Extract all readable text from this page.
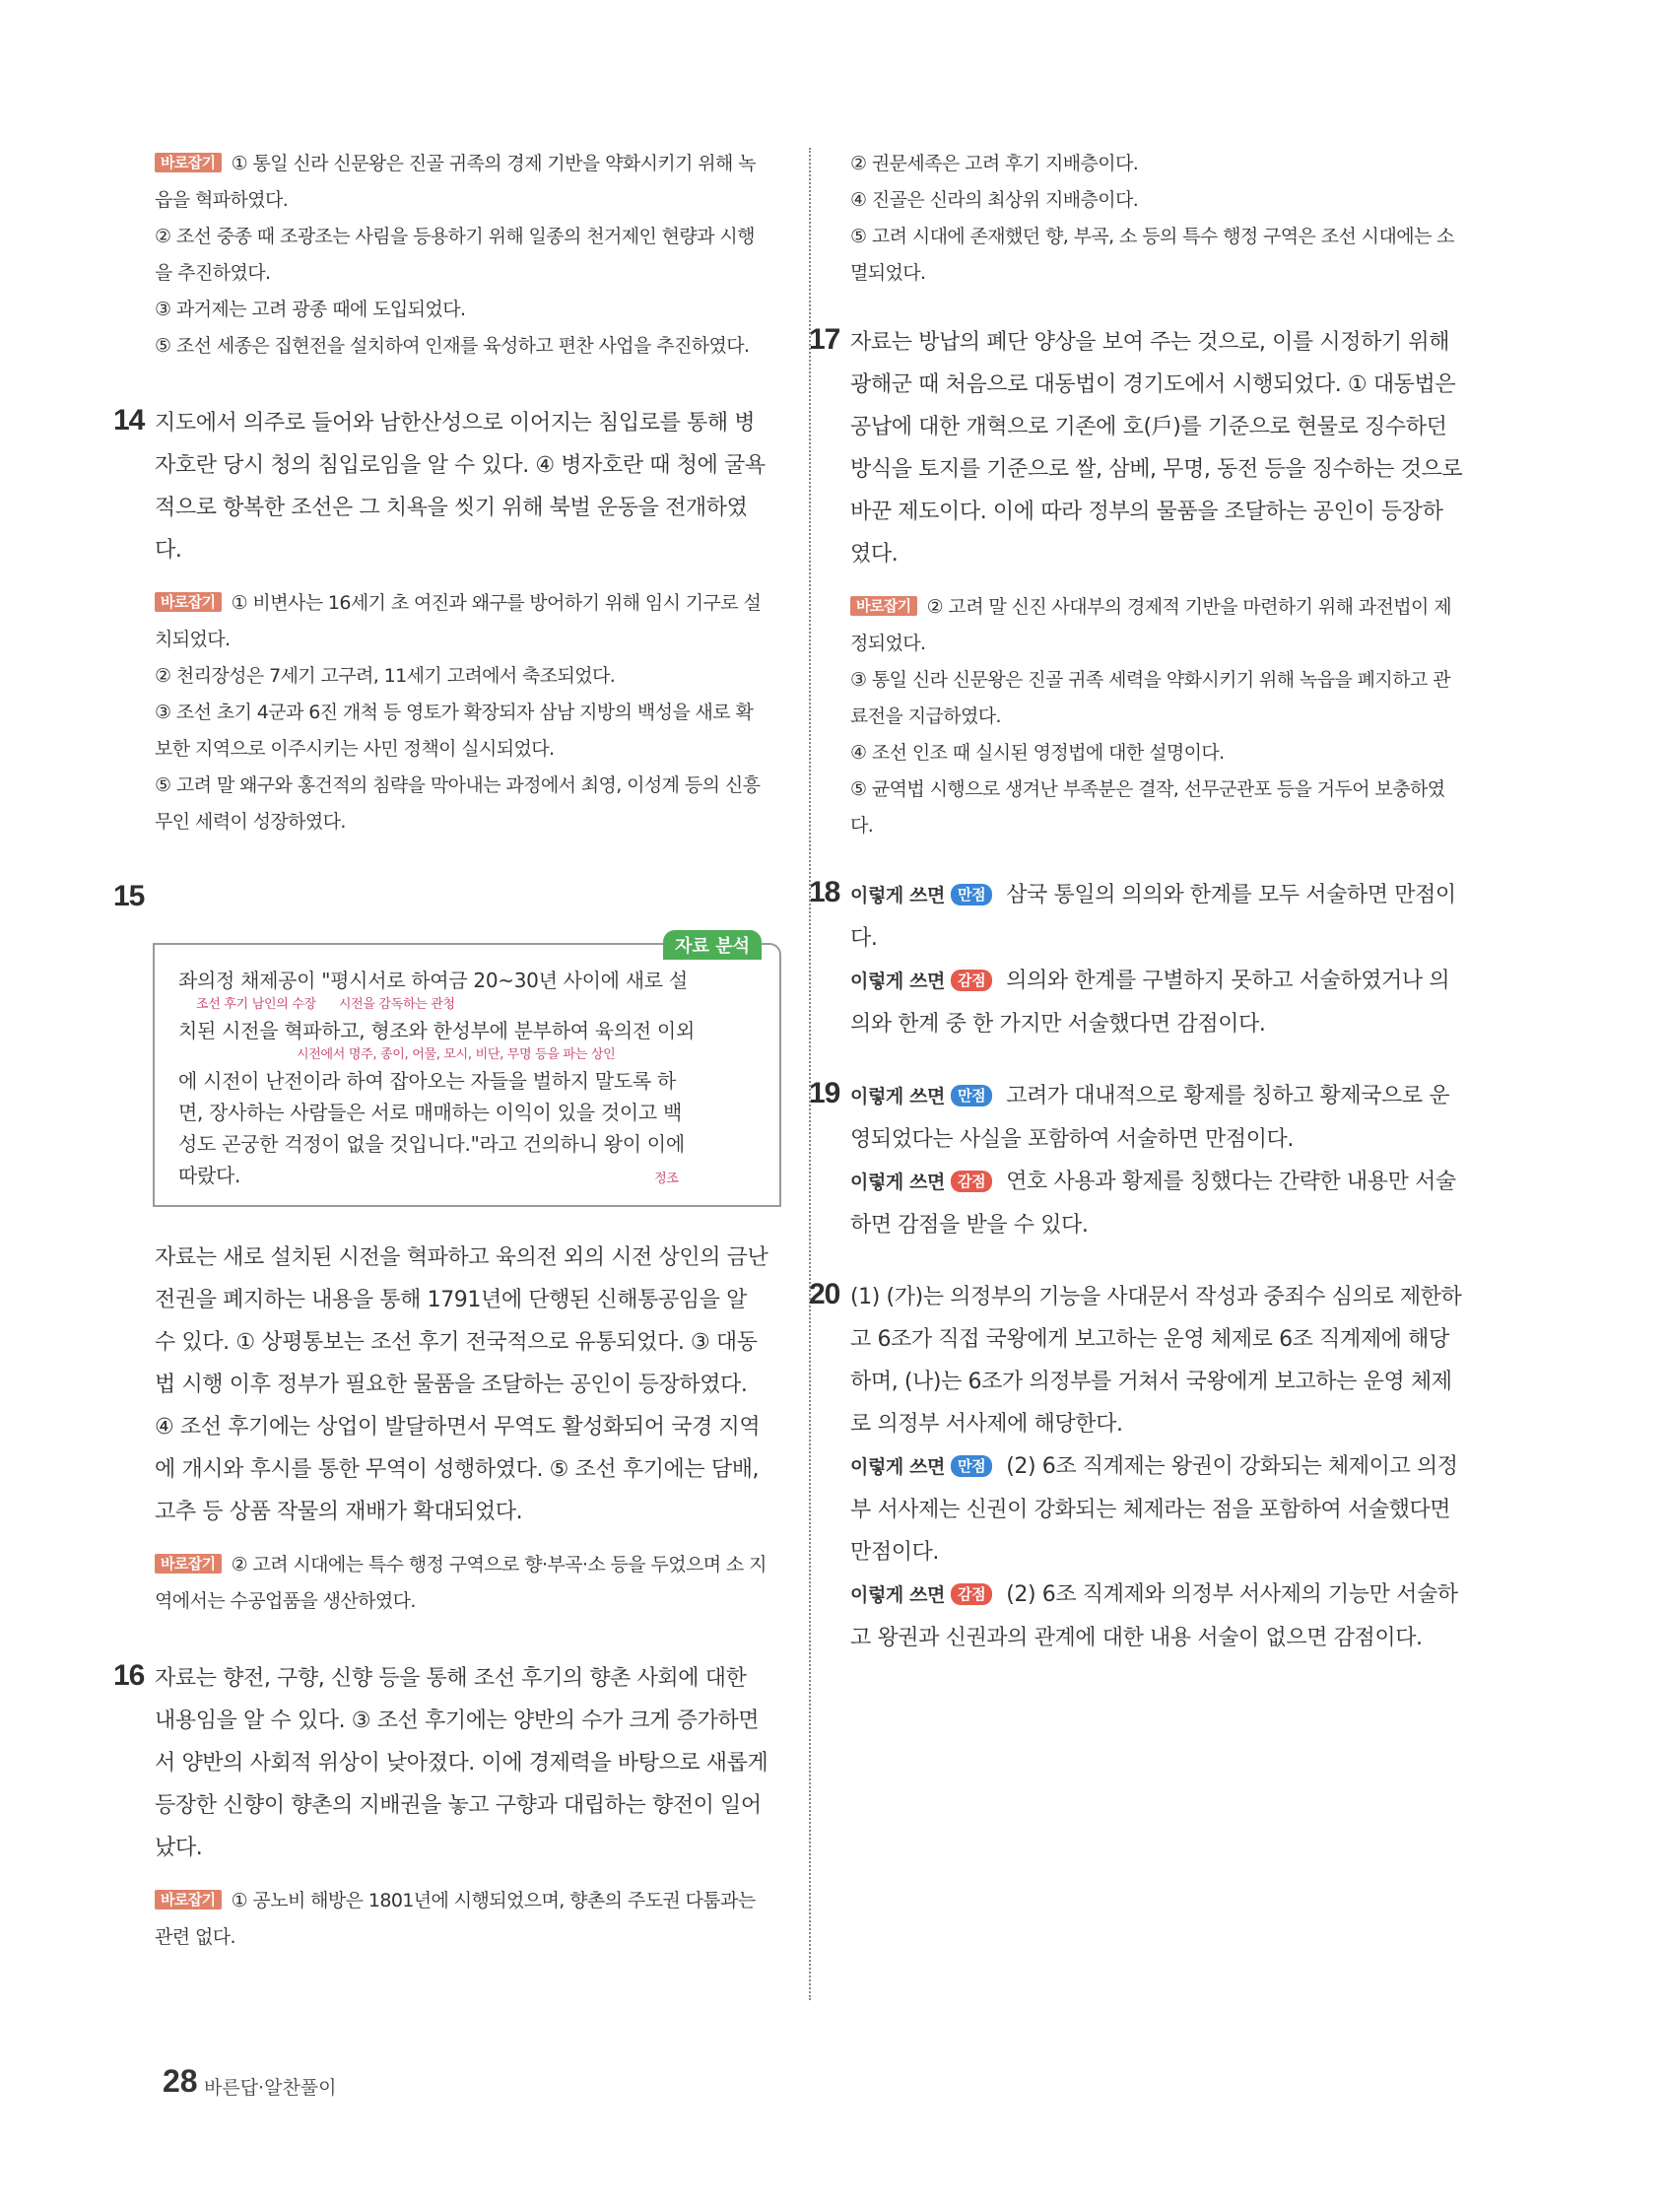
바로잡기 ① 통일 신라 신문왕은 진골 귀족의 경제 기반을 약화시키기 위해 녹읍을 혁파하였다.

② 조선 중종 때 조광조는 사림을 등용하기 위해 일종의 천거제인 현량과 시행을 추진하였다.

③ 과거제는 고려 광종 때에 도입되었다.

⑤ 조선 세종은 집현전을 설치하여 인재를 육성하고 편찬 사업을 추진하였다.

14 지도에서 의주로 들어와 남한산성으로 이어지는 침입로를 통해 병자호란 당시 청의 침입로임을 알 수 있다. ④ 병자호란 때 청에 굴욕적으로 항복한 조선은 그 치욕을 씻기 위해 북벌 운동을 전개하였다.

바로잡기 ① 비변사는 16세기 초 여진과 왜구를 방어하기 위해 임시 기구로 설치되었다.

② 천리장성은 7세기 고구려, 11세기 고려에서 축조되었다.

③ 조선 초기 4군과 6진 개척 등 영토가 확장되자 삼남 지방의 백성을 새로 확보한 지역으로 이주시키는 사민 정책이 실시되었다.

⑤ 고려 말 왜구와 홍건적의 침략을 막아내는 과정에서 최영, 이성계 등의 신흥 무인 세력이 성장하였다.

15
자료 분석

좌의정 채제공이 "평시서로 하여금 20~30년 사이에 새로 설

조선 후기 남인의 수장 시전을 감독하는 관청

치된 시전을 혁파하고, 형조와 한성부에 분부하여 육의전 이외

시전에서 명주, 종이, 어물, 모시, 비단, 무명 등을 파는 상인

에 시전이 난전이라 하여 잡아오는 자들을 벌하지 말도록 하

면, 장사하는 사람들은 서로 매매하는 이익이 있을 것이고 백

성도 곤궁한 걱정이 없을 것입니다."라고 건의하니 왕이 이에

따랐다.	정조

자료는 새로 설치된 시전을 혁파하고 육의전 외의 시전 상인의 금난전권을 폐지하는 내용을 통해 1791년에 단행된 신해통공임을 알 수 있다. ① 상평통보는 조선 후기 전국적으로 유통되었다. ③ 대동법 시행 이후 정부가 필요한 물품을 조달하는 공인이 등장하였다. ④ 조선 후기에는 상업이 발달하면서 무역도 활성화되어 국경 지역에 개시와 후시를 통한 무역이 성행하였다. ⑤ 조선 후기에는 담배, 고추 등 상품 작물의 재배가 확대되었다.

바로잡기 ② 고려 시대에는 특수 행정 구역으로 향·부곡·소 등을 두었으며 소 지역에서는 수공업품을 생산하였다.

16 자료는 향전, 구향, 신향 등을 통해 조선 후기의 향촌 사회에 대한 내용임을 알 수 있다. ③ 조선 후기에는 양반의 수가 크게 증가하면서 양반의 사회적 위상이 낮아졌다. 이에 경제력을 바탕으로 새롭게 등장한 신향이 향촌의 지배권을 놓고 구향과 대립하는 향전이 일어났다.

바로잡기 ① 공노비 해방은 1801년에 시행되었으며, 향촌의 주도권 다툼과는 관련 없다.

② 권문세족은 고려 후기 지배층이다.

④ 진골은 신라의 최상위 지배층이다.

⑤ 고려 시대에 존재했던 향, 부곡, 소 등의 특수 행정 구역은 조선 시대에는 소멸되었다.

17 자료는 방납의 폐단 양상을 보여 주는 것으로, 이를 시정하기 위해 광해군 때 처음으로 대동법이 경기도에서 시행되었다. ① 대동법은 공납에 대한 개혁으로 기존에 호(戶)를 기준으로 현물로 징수하던 방식을 토지를 기준으로 쌀, 삼베, 무명, 동전 등을 징수하는 것으로 바꾼 제도이다. 이에 따라 정부의 물품을 조달하는 공인이 등장하였다.

바로잡기 ② 고려 말 신진 사대부의 경제적 기반을 마련하기 위해 과전법이 제정되었다.

③ 통일 신라 신문왕은 진골 귀족 세력을 약화시키기 위해 녹읍을 폐지하고 관료전을 지급하였다.

④ 조선 인조 때 실시된 영정법에 대한 설명이다.

⑤ 균역법 시행으로 생겨난 부족분은 결작, 선무군관포 등을 거두어 보충하였다.

18 이렇게 쓰면 만점 삼국 통일의 의의와 한계를 모두 서술하면 만점이다.

이렇게 쓰면 감점 의의와 한계를 구별하지 못하고 서술하였거나 의의와 한계 중 한 가지만 서술했다면 감점이다.

19 이렇게 쓰면 만점 고려가 대내적으로 황제를 칭하고 황제국으로 운영되었다는 사실을 포함하여 서술하면 만점이다.

이렇게 쓰면 감점 연호 사용과 황제를 칭했다는 간략한 내용만 서술하면 감점을 받을 수 있다.

20 (1) (가)는 의정부의 기능을 사대문서 작성과 중죄수 심의로 제한하고 6조가 직접 국왕에게 보고하는 운영 체제로 6조 직계제에 해당하며, (나)는 6조가 의정부를 거쳐서 국왕에게 보고하는 운영 체제로 의정부 서사제에 해당한다.

이렇게 쓰면 만점 (2) 6조 직계제는 왕권이 강화되는 체제이고 의정부 서사제는 신권이 강화되는 체제라는 점을 포함하여 서술했다면 만점이다.

이렇게 쓰면 감점 (2) 6조 직계제와 의정부 서사제의 기능만 서술하고 왕권과 신권과의 관계에 대한 내용 서술이 없으면 감점이다.

28 바른답·알찬풀이
